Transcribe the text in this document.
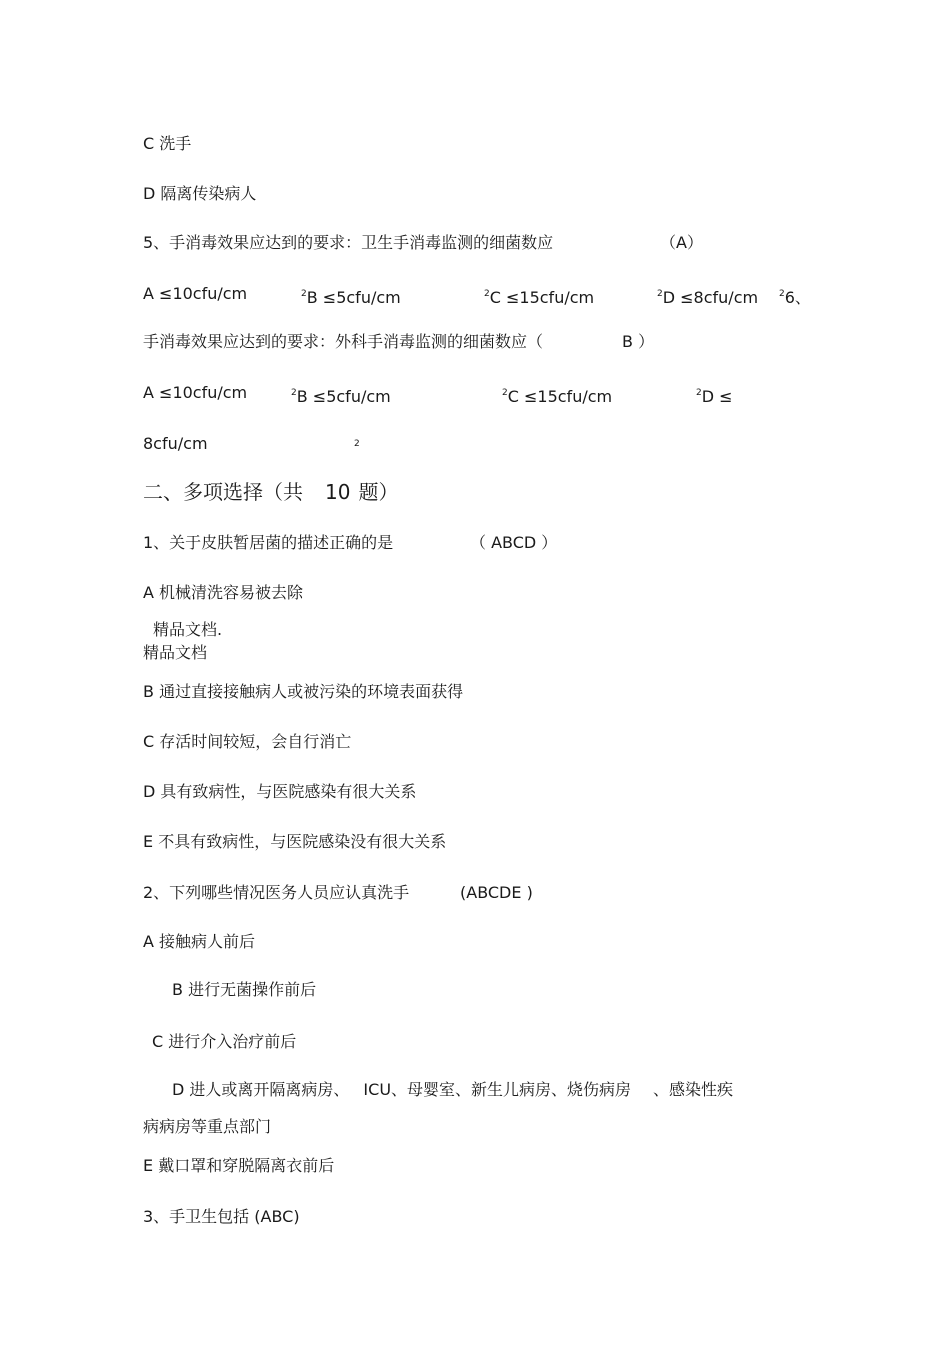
C 洗手
D 隔离传染病人
5、手消毒效果应达到的要求：卫生手消毒监测的细菌数应	（A）
A ≤10cfu/cm	$^2$B ≤5cfu/cm	$^2$C ≤15cfu/cm	$^2$D ≤8cfu/cm $^2$6、
手消毒效果应达到的要求：外科手消毒监测的细菌数应（	B ）
A ≤10cfu/cm	$^2$B ≤5cfu/cm	$^2$C ≤15cfu/cm	$^2$D ≤
8cfu/cm	$^2$
二、多项选择（共 10 题）
1、关于皮肤暂居菌的描述正确的是	（ ABCD ）
A 机械清洗容易被去除
精品文档.
精品文档
B 通过直接接触病人或被污染的环境表面获得
C 存活时间较短，会自行消亡
D 具有致病性，与医院感染有很大关系
E 不具有致病性，与医院感染没有很大关系
2、下列哪些情况医务人员应认真洗手	(ABCDE )
A 接触病人前后
B 进行无菌操作前后
C 进行介入治疗前后
D 进人或离开隔离病房、 ICU、母婴室、新生儿病房、烧伤病房 、感染性疾
病病房等重点部门
E 戴口罩和穿脱隔离衣前后
3、手卫生包括 (ABC)
